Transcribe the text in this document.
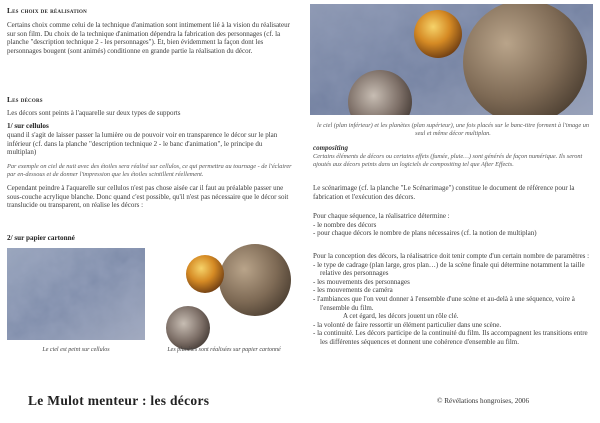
Les choix de réalisation

Certains choix comme celui de la technique d'animation sont intimement lié à la vision du réalisateur sur son film. Du choix de la technique d'animation dépendra la fabrication des personnages (cf. la planche "description technique 2 - les personnages"). Et, bien évidemment la façon dont les personnages bougent (sont animés) conditionne en grande partie la réalisation du décor.

Les décors

Les décors sont peints à l'aquarelle sur deux types de supports

1/ sur cellulos

quand il s'agit de laisser passer la lumière ou de pouvoir voir en transparence le décor sur le plan inférieur (cf. dans la planche "description technique 2 - le banc d'animation", le principe du multiplan)

Par exemple on ciel de nuit avec des étoiles sera réalisé sur cellulos, ce qui permettra au tournage - de l'éclairer par en-dessous et de donner l'impression que les étoiles scintillent réellement.

Cependant peindre à l'aquarelle sur cellulos n'est pas chose aisée car il faut au préalable passer une sous-couche acrylique blanche. Donc quand c'est possible, qu'il n'est pas nécessaire que le décor soit translucide ou transparent, on réalise les décors :

2/ sur papier cartonné
Le ciel est peint sur cellulos	Les planètes sont réalisées sur papier cartonné
le ciel (plan inférieur) et les planètes (plan supérieur), une fois placés sur le banc-titre forment à l'image un seul et même décor multiplan.
compositing
Certains éléments de décors ou certains effets (fumée, pluie…) sont générés de façon numérique. Ils seront ajoutés aux décors peints dans un logiciels de compositing tel que After Effects.

Le scénarimage (cf. la planche "Le Scénarimage") constitue le document de référence pour la fabrication et l'exécution des décors.

Pour chaque séquence, la réalisatrice détermine :

- le nombre des décors

- pour chaque décors le nombre de plans nécessaires (cf. la notion de multiplan)

Pour la conception des décors, la réalisatrice doit tenir compte d'un certain nombre de paramètres :

- le type de cadrage (plan large, gros plan…) de la scène finale qui détermine notamment la taille relative des personnages
- les mouvements des personnages
- les mouvements de caméra
- l'ambiances que l'on veut donner à l'ensemble d'une scène et au-delà à une séquence, voire à l'ensemble du film.
A cet égard, les décors jouent un rôle clé.
- la volonté de faire ressortir un élément particulier dans une scène.
- la continuité. Les décors participe de la continuité du film. Ils accompagnent les transitions entre les différentes séquences et donnent une cohérence d'ensemble au film.
Le Mulot menteur : les décors	© Révélations hongroises, 2006
